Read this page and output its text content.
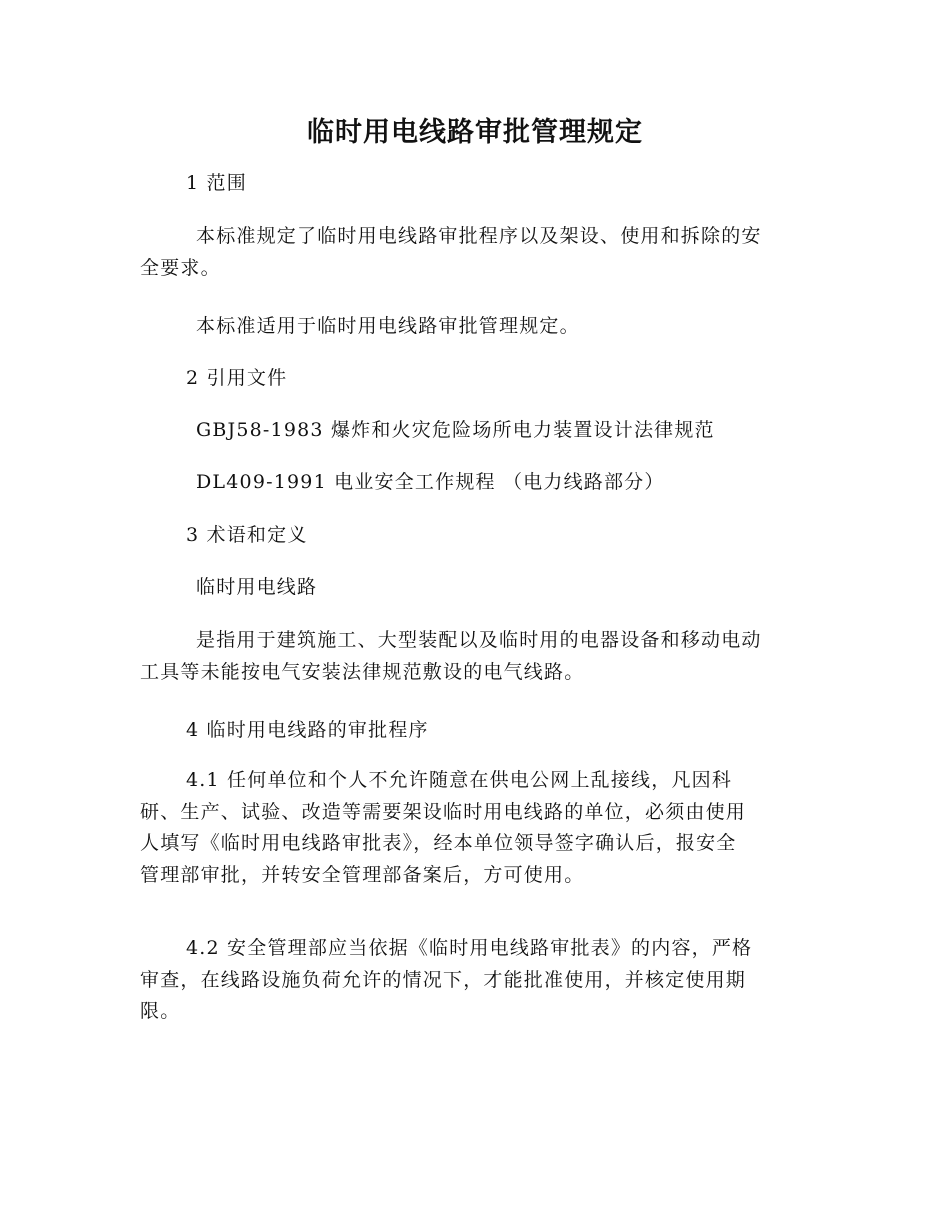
临时用电线路审批管理规定
1 范围
本标准规定了临时用电线路审批程序以及架设、使用和拆除的安
全要求。
本标准适用于临时用电线路审批管理规定。
2 引用文件
GBJ58-1983 爆炸和火灾危险场所电力装置设计法律规范
DL409-1991 电业安全工作规程 （电力线路部分）
3 术语和定义
临时用电线路
是指用于建筑施工、大型装配以及临时用的电器设备和移动电动
工具等未能按电气安装法律规范敷设的电气线路。
4 临时用电线路的审批程序
4.1 任何单位和个人不允许随意在供电公网上乱接线，凡因科
研、生产、试验、改造等需要架设临时用电线路的单位，必须由使用
人填写《临时用电线路审批表》，经本单位领导签字确认后，报安全
管理部审批，并转安全管理部备案后，方可使用。
4.2 安全管理部应当依据《临时用电线路审批表》的内容，严格
审查，在线路设施负荷允许的情况下，才能批准使用，并核定使用期
限。
